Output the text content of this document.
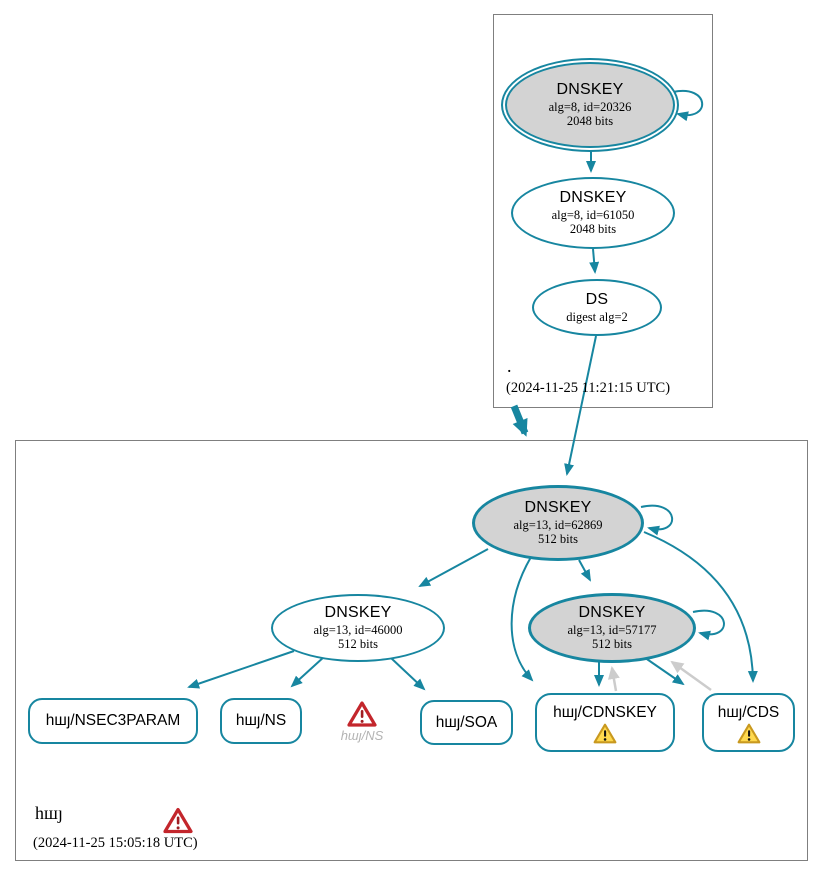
DNSKEY
alg=8, id=20326
2048 bits
DNSKEY
alg=8, id=61050
2048 bits
DS
digest alg=2
.
(2024-11-25 11:21:15 UTC)
DNSKEY
alg=13, id=62869
512 bits
DNSKEY
alg=13, id=46000
512 bits
DNSKEY
alg=13, id=57177
512 bits
hшȷ/NSEC3PARAM	hшȷ/NS
hшȷ/NS
hшȷ/SOA
hшȷ/CDNSKEY	hшȷ/CDS
hшȷ
(2024-11-25 15:05:18 UTC)
